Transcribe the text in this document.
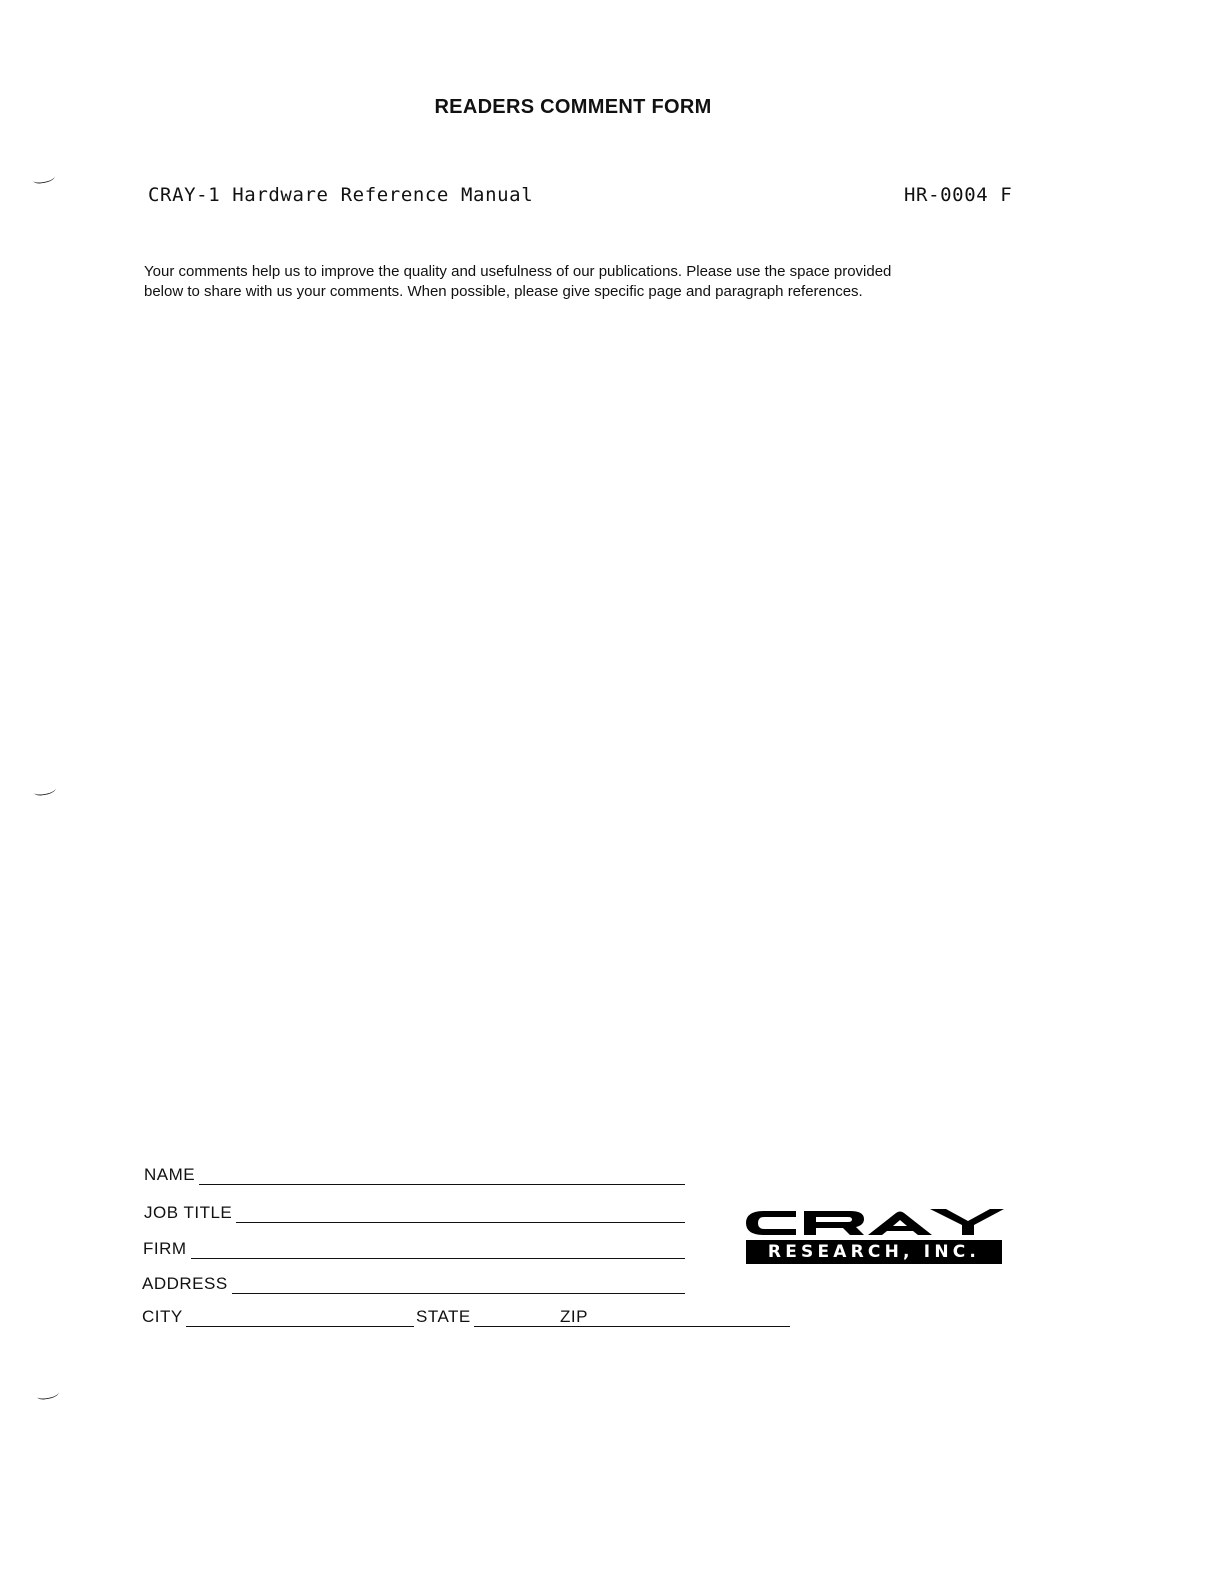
READERS COMMENT FORM
CRAY-1 Hardware Reference Manual	HR-0004 F

Your comments help us to improve the quality and usefulness of our publications. Please use the space provided

below to share with us your comments. When possible, please give specific page and paragraph references.

NAME
JOB TITLE
FIRM
ADDRESS
CITY	STATE	ZIP
RESEARCH, INC.
